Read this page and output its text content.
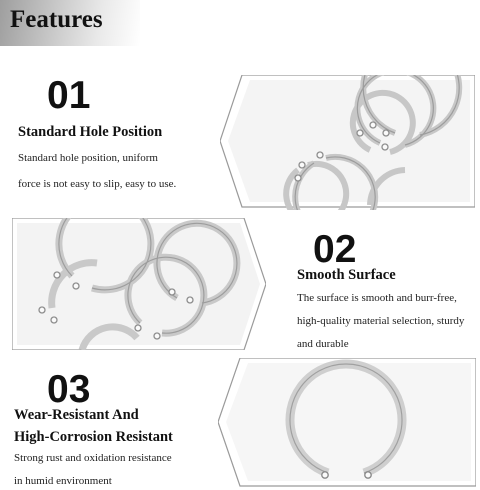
Features
01
Standard Hole Position
Standard hole position, uniform
force is not easy to slip, easy to use.
02
Smooth Surface
The surface is smooth and burr-free,
high-quality material selection, sturdy
and durable
03
Wear-Resistant And
High-Corrosion Resistant
Strong rust and oxidation resistance
in humid environment
